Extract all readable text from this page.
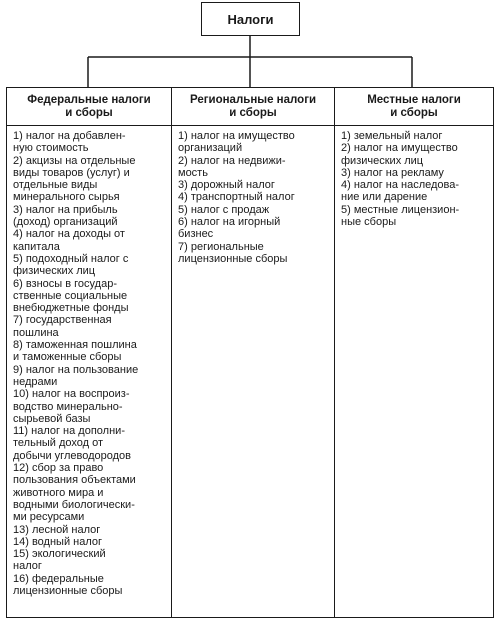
Налоги
Федеральные налоги
и сборы
1) налог на добавлен-
ную стоимость
2) акцизы на отдельные
виды товаров (услуг) и
отдельные виды
минерального сырья
3) налог на прибыль
(доход) организаций
4) налог на доходы от
капитала
5) подоходный налог с
физических лиц
6) взносы в государ-
ственные социальные
внебюджетные фонды
7) государственная
пошлина
8) таможенная пошлина
и таможенные сборы
9) налог на пользование
недрами
10) налог на воспроиз-
водство минерально-
сырьевой базы
11) налог на дополни-
тельный доход от
добычи углеводородов
12) сбор за право
пользования объектами
животного мира и
водными биологически-
ми ресурсами
13) лесной налог
14) водный налог
15) экологический
налог
16) федеральные
лицензионные сборы
Региональные налоги
и сборы
1) налог на имущество
организаций
2) налог на недвижи-
мость
3) дорожный налог
4) транспортный налог
5) налог с продаж
6) налог на игорный
бизнес
7) региональные
лицензионные сборы
Местные налоги
и сборы
1) земельный налог
2) налог на имущество
физических лиц
3) налог на рекламу
4) налог на наследова-
ние или дарение
5) местные лицензион-
ные сборы
